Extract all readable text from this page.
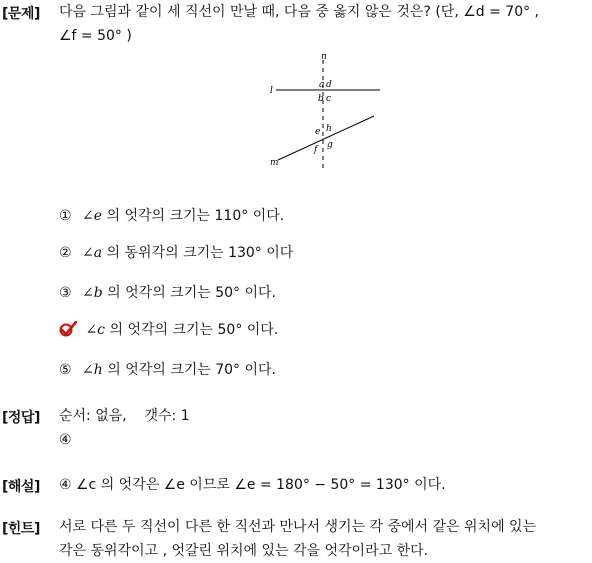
[문제] 다음 그림과 같이 세 직선이 만날 때, 다음 중 옳지 않은 것은? (단, ∠d = 70° ,
∠f = 50° )
n
l
m
a d
b c
e h
f g
① ∠e 의 엇각의 크기는 110° 이다.
② ∠a 의 동위각의 크기는 130° 이다
③ ∠b 의 엇각의 크기는 50° 이다.
∠c 의 엇각의 크기는 50° 이다.
⑤ ∠h 의 엇각의 크기는 70° 이다.
[정답] 순서: 없음,    갯수: 1
④
[해설] ④ ∠c 의 엇각은 ∠e 이므로 ∠e = 180° − 50° = 130° 이다.
[힌트] 서로 다른 두 직선이 다른 한 직선과 만나서 생기는 각 중에서 같은 위치에 있는
각은 동위각이고 , 엇갈린 위치에 있는 각을 엇각이라고 한다.
